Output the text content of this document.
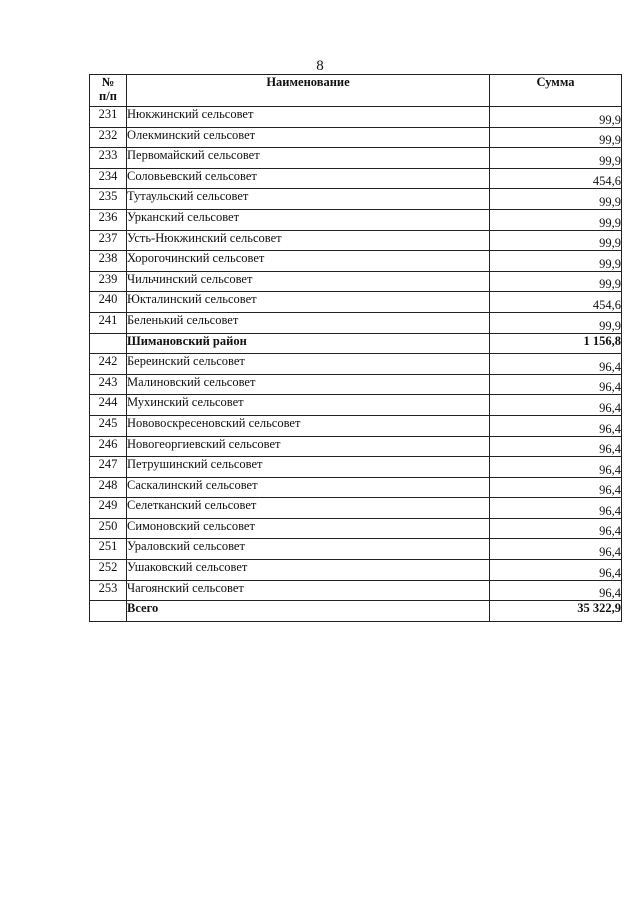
8
№ п/п	Наименование	Сумма
231	Нюкжинский сельсовет	99,9
232	Олекминский сельсовет	99,9
233	Первомайский сельсовет	99,9
234	Соловьевский сельсовет	454,6
235	Тутаульский сельсовет	99,9
236	Урканский сельсовет	99,9
237	Усть-Нюкжинский сельсовет	99,9
238	Хорогочинский сельсовет	99,9
239	Чильчинский сельсовет	99,9
240	Юкталинский сельсовет	454,6
241	Беленький сельсовет	99,9
	Шимановский район	1 156,8
242	Береинский сельсовет	96,4
243	Малиновский сельсовет	96,4
244	Мухинский сельсовет	96,4
245	Нововоскресеновский сельсовет	96,4
246	Новогеоргиевский сельсовет	96,4
247	Петрушинский сельсовет	96,4
248	Саскалинский сельсовет	96,4
249	Селетканский сельсовет	96,4
250	Симоновский сельсовет	96,4
251	Ураловский сельсовет	96,4
252	Ушаковский сельсовет	96,4
253	Чагоянский сельсовет	96,4
	Всего	35 322,9
